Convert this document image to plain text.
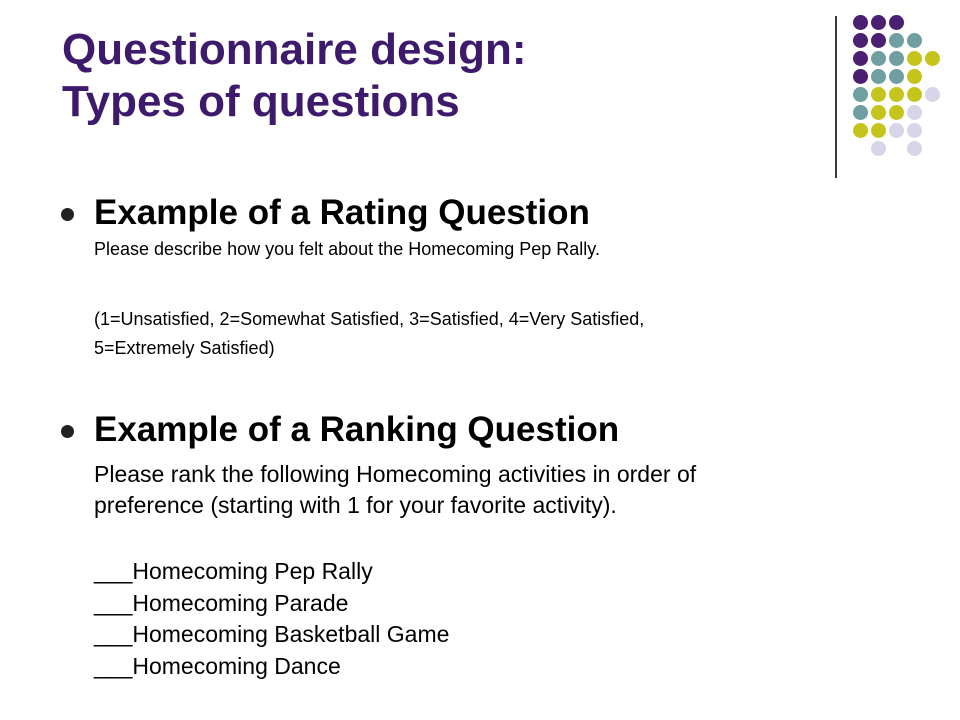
Questionnaire design:
Types of questions
Example of a Rating Question
Please describe how you felt about the Homecoming Pep Rally.
(1=Unsatisfied, 2=Somewhat Satisfied, 3=Satisfied, 4=Very Satisfied,
5=Extremely Satisfied)
Example of a Ranking Question
Please rank the following Homecoming activities in order of
preference (starting with 1 for your favorite activity).
___Homecoming Pep Rally
___Homecoming Parade
___Homecoming Basketball Game
___Homecoming Dance
